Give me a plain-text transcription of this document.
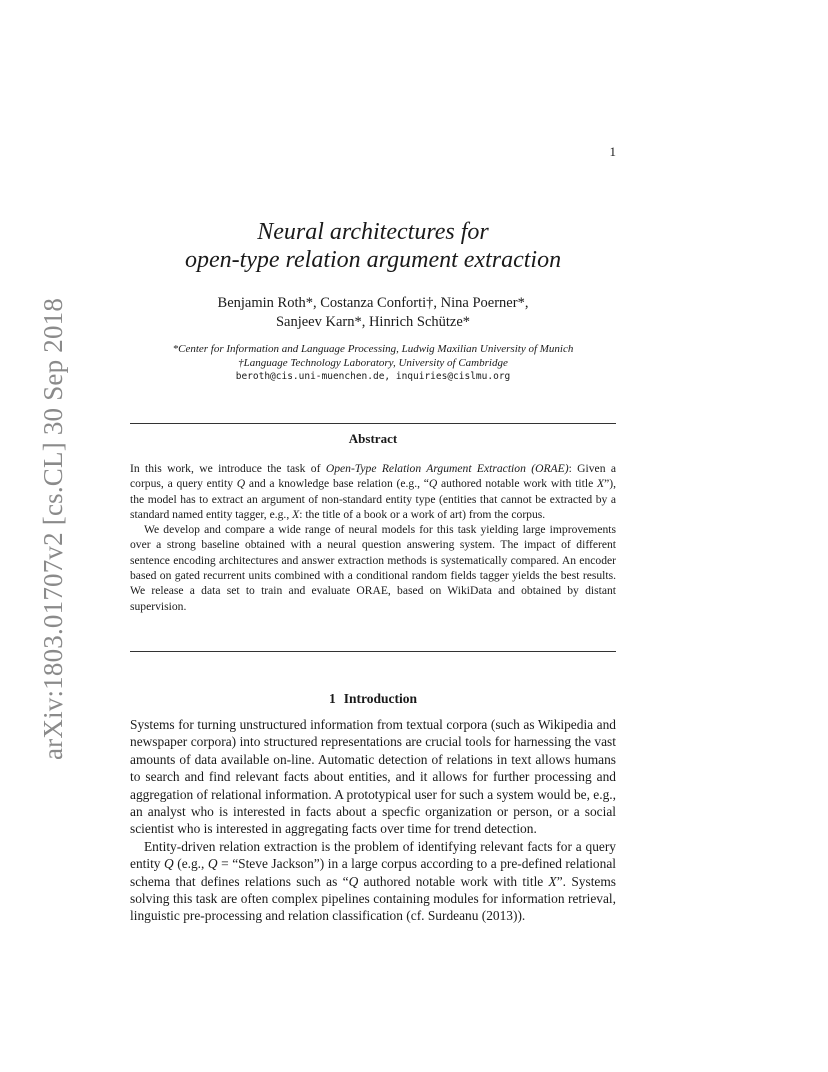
arXiv:1803.01707v2 [cs.CL] 30 Sep 2018
1
Neural architectures for
open-type relation argument extraction
Benjamin Roth*, Costanza Conforti†, Nina Poerner*,
Sanjeev Karn*, Hinrich Schütze*
*Center for Information and Language Processing, Ludwig Maxilian University of Munich
†Language Technology Laboratory, University of Cambridge
beroth@cis.uni-muenchen.de, inquiries@cislmu.org
Abstract

In this work, we introduce the task of Open-Type Relation Argument Extraction (ORAE): Given a corpus, a query entity Q and a knowledge base relation (e.g., “Q authored notable work with title X”), the model has to extract an argument of non-standard entity type (entities that cannot be extracted by a standard named entity tagger, e.g., X: the title of a book or a work of art) from the corpus.

We develop and compare a wide range of neural models for this task yielding large improvements over a strong baseline obtained with a neural question answering system. The impact of different sentence encoding architectures and answer extraction methods is systematically compared. An encoder based on gated recurrent units combined with a conditional random fields tagger yields the best results. We release a data set to train and evaluate ORAE, based on WikiData and obtained by distant supervision.

1 Introduction

Systems for turning unstructured information from textual corpora (such as Wikipedia and newspaper corpora) into structured representations are crucial tools for harnessing the vast amounts of data available on-line. Automatic detection of relations in text allows humans to search and find relevant facts about entities, and it allows for further processing and aggregation of relational information. A prototypical user for such a system would be, e.g., an analyst who is interested in facts about a specfic organization or person, or a social scientist who is interested in aggregating facts over time for trend detection.

Entity-driven relation extraction is the problem of identifying relevant facts for a query entity Q (e.g., Q = “Steve Jackson”) in a large corpus according to a pre-defined relational schema that defines relations such as “Q authored notable work with title X”. Systems solving this task are often complex pipelines containing modules for information retrieval, linguistic pre-processing and relation classification (cf. Surdeanu (2013)).
